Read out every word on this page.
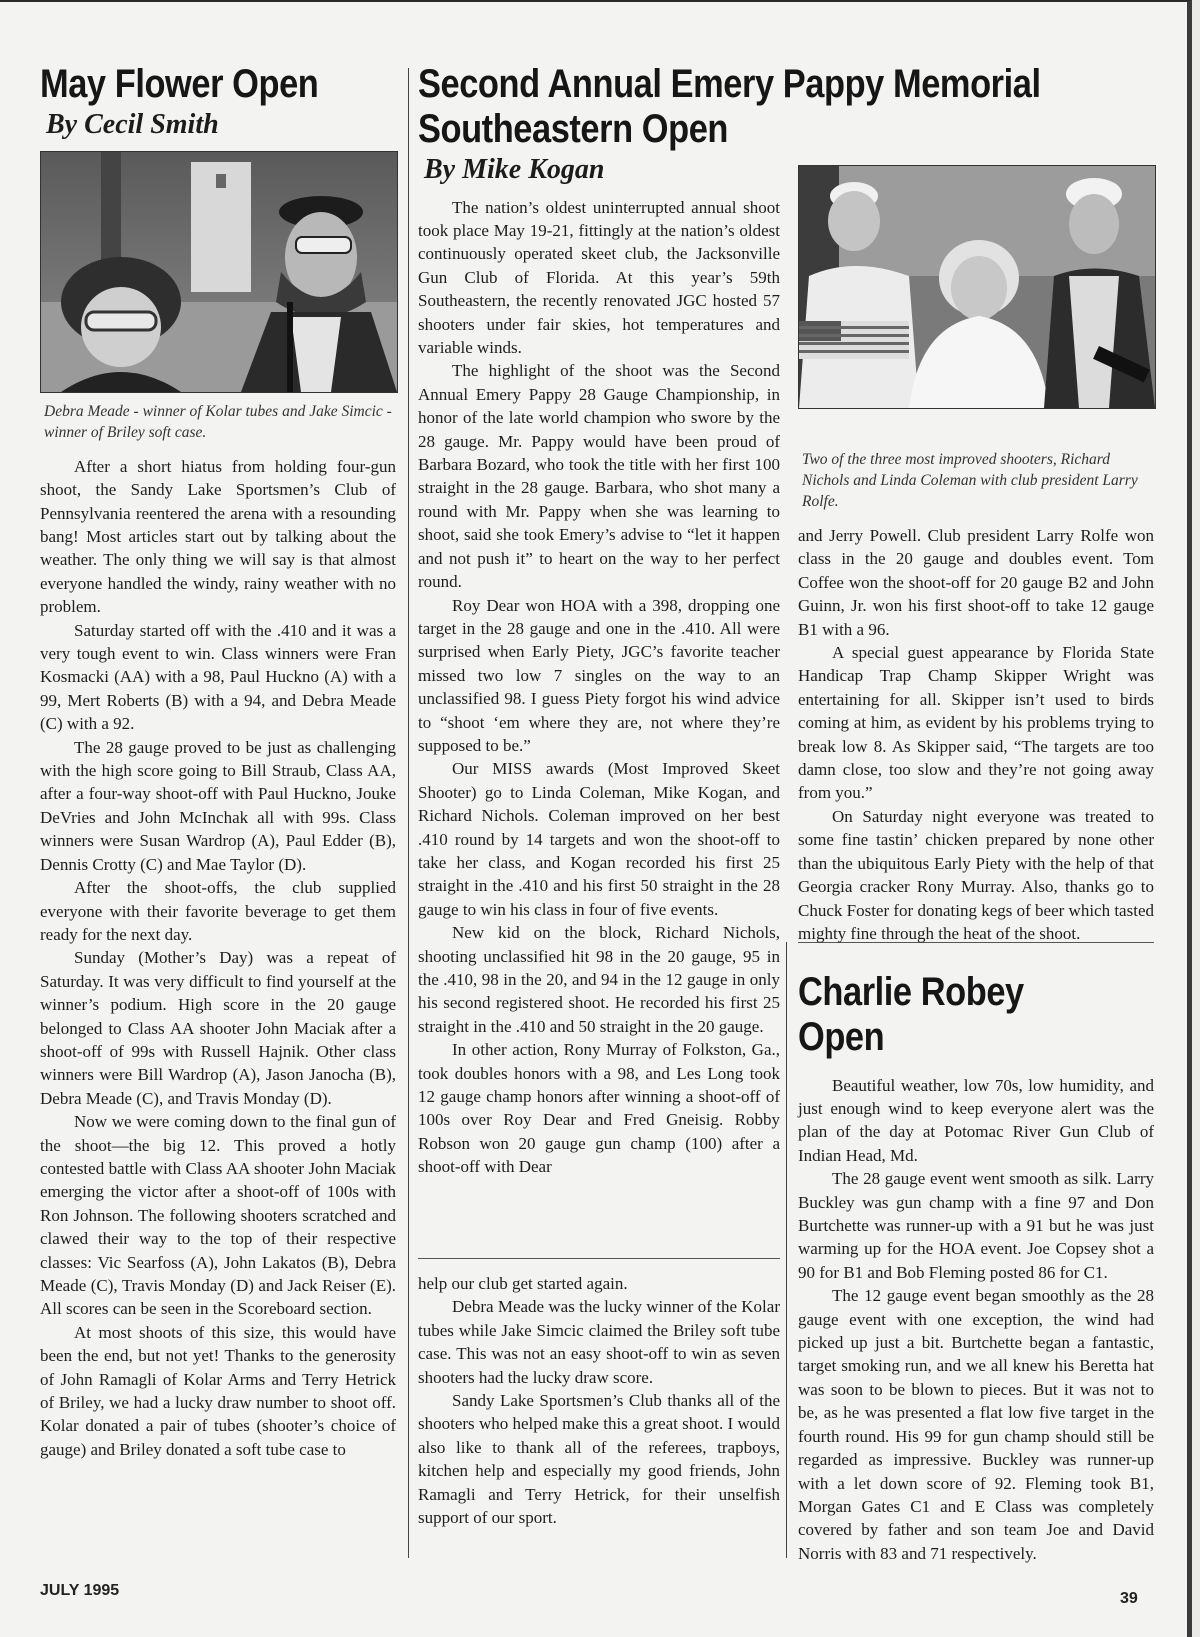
May Flower Open
By Cecil Smith
Debra Meade - winner of Kolar tubes and Jake Simcic - winner of Briley soft case.

After a short hiatus from holding four-gun shoot, the Sandy Lake Sportsmen’s Club of Pennsylvania reentered the arena with a resounding bang! Most articles start out by talking about the weather. The only thing we will say is that almost everyone handled the windy, rainy weather with no problem.

Saturday started off with the .410 and it was a very tough event to win. Class winners were Fran Kosmacki (AA) with a 98, Paul Huckno (A) with a 99, Mert Roberts (B) with a 94, and Debra Meade (C) with a 92.

The 28 gauge proved to be just as challenging with the high score going to Bill Straub, Class AA, after a four-way shoot-off with Paul Huckno, Jouke DeVries and John McInchak all with 99s. Class winners were Susan Wardrop (A), Paul Edder (B), Dennis Crotty (C) and Mae Taylor (D).

After the shoot-offs, the club supplied everyone with their favorite beverage to get them ready for the next day.

Sunday (Mother’s Day) was a repeat of Saturday. It was very difficult to find yourself at the winner’s podium. High score in the 20 gauge belonged to Class AA shooter John Maciak after a shoot-off of 99s with Russell Hajnik. Other class winners were Bill Wardrop (A), Jason Janocha (B), Debra Meade (C), and Travis Monday (D).

Now we were coming down to the final gun of the shoot—the big 12. This proved a hotly contested battle with Class AA shooter John Maciak emerging the victor after a shoot-off of 100s with Ron Johnson. The following shooters scratched and clawed their way to the top of their respective classes: Vic Searfoss (A), John Lakatos (B), Debra Meade (C), Travis Monday (D) and Jack Reiser (E). All scores can be seen in the Scoreboard section.

At most shoots of this size, this would have been the end, but not yet! Thanks to the generosity of John Ramagli of Kolar Arms and Terry Hetrick of Briley, we had a lucky draw number to shoot off. Kolar donated a pair of tubes (shooter’s choice of gauge) and Briley donated a soft tube case to

Second Annual Emery Pappy Memorial
Southeastern Open
By Mike Kogan

The nation’s oldest uninterrupted annual shoot took place May 19-21, fittingly at the nation’s oldest continuously operated skeet club, the Jacksonville Gun Club of Florida. At this year’s 59th Southeastern, the recently renovated JGC hosted 57 shooters under fair skies, hot temperatures and variable winds.

The highlight of the shoot was the Second Annual Emery Pappy 28 Gauge Championship, in honor of the late world champion who swore by the 28 gauge. Mr. Pappy would have been proud of Barbara Bozard, who took the title with her first 100 straight in the 28 gauge. Barbara, who shot many a round with Mr. Pappy when she was learning to shoot, said she took Emery’s advise to “let it happen and not push it” to heart on the way to her perfect round.

Roy Dear won HOA with a 398, dropping one target in the 28 gauge and one in the .410. All were surprised when Early Piety, JGC’s favorite teacher missed two low 7 singles on the way to an unclassified 98. I guess Piety forgot his wind advice to “shoot ‘em where they are, not where they’re supposed to be.”

Our MISS awards (Most Improved Skeet Shooter) go to Linda Coleman, Mike Kogan, and Richard Nichols. Coleman improved on her best .410 round by 14 targets and won the shoot-off to take her class, and Kogan recorded his first 25 straight in the .410 and his first 50 straight in the 28 gauge to win his class in four of five events.

New kid on the block, Richard Nichols, shooting unclassified hit 98 in the 20 gauge, 95 in the .410, 98 in the 20, and 94 in the 12 gauge in only his second registered shoot. He recorded his first 25 straight in the .410 and 50 straight in the 20 gauge.

In other action, Rony Murray of Folkston, Ga., took doubles honors with a 98, and Les Long took 12 gauge champ honors after winning a shoot-off of 100s over Roy Dear and Fred Gneisig. Robby Robson won 20 gauge gun champ (100) after a shoot-off with Dear

help our club get started again.

Debra Meade was the lucky winner of the Kolar tubes while Jake Simcic claimed the Briley soft tube case. This was not an easy shoot-off to win as seven shooters had the lucky draw score.

Sandy Lake Sportsmen’s Club thanks all of the shooters who helped make this a great shoot. I would also like to thank all of the referees, trapboys, kitchen help and especially my good friends, John Ramagli and Terry Hetrick, for their unselfish support of our sport.

Two of the three most improved shooters, Richard Nichols and Linda Coleman with club president Larry Rolfe.

and Jerry Powell. Club president Larry Rolfe won class in the 20 gauge and doubles event. Tom Coffee won the shoot-off for 20 gauge B2 and John Guinn, Jr. won his first shoot-off to take 12 gauge B1 with a 96.

A special guest appearance by Florida State Handicap Trap Champ Skipper Wright was entertaining for all. Skipper isn’t used to birds coming at him, as evident by his problems trying to break low 8. As Skipper said, “The targets are too damn close, too slow and they’re not going away from you.”

On Saturday night everyone was treated to some fine tastin’ chicken prepared by none other than the ubiquitous Early Piety with the help of that Georgia cracker Rony Murray. Also, thanks go to Chuck Foster for donating kegs of beer which tasted mighty fine through the heat of the shoot.

Charlie Robey Open

Beautiful weather, low 70s, low humidity, and just enough wind to keep everyone alert was the plan of the day at Potomac River Gun Club of Indian Head, Md.

The 28 gauge event went smooth as silk. Larry Buckley was gun champ with a fine 97 and Don Burtchette was runner-up with a 91 but he was just warming up for the HOA event. Joe Copsey shot a 90 for B1 and Bob Fleming posted 86 for C1.

The 12 gauge event began smoothly as the 28 gauge event with one exception, the wind had picked up just a bit. Burtchette began a fantastic, target smoking run, and we all knew his Beretta hat was soon to be blown to pieces. But it was not to be, as he was presented a flat low five target in the fourth round. His 99 for gun champ should still be regarded as impressive. Buckley was runner-up with a let down score of 92. Fleming took B1, Morgan Gates C1 and E Class was completely covered by father and son team Joe and David Norris with 83 and 71 respectively.

JULY 1995	39
